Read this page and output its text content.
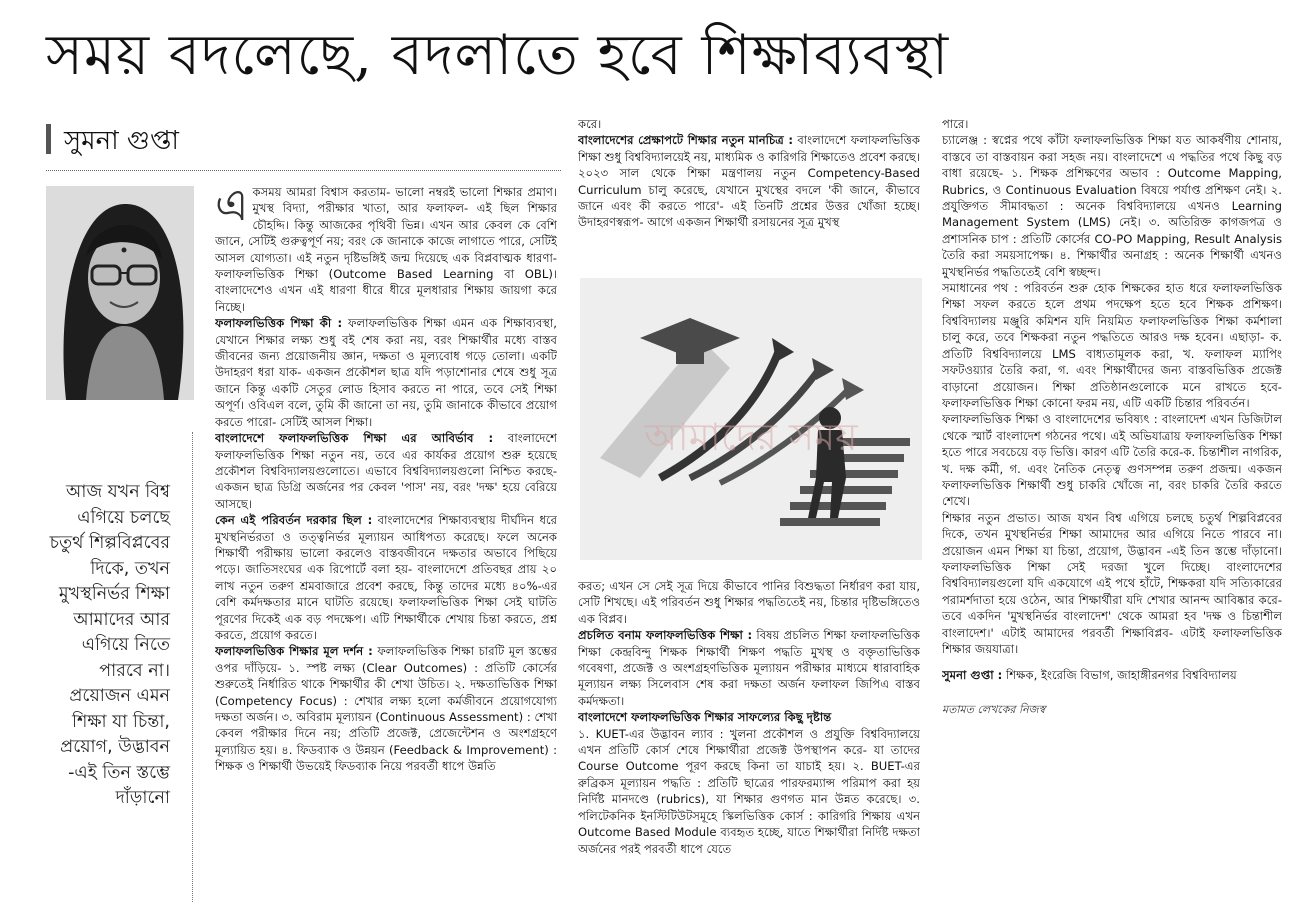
সময় বদলেছে, বদলাতে হবে শিক্ষাব্যবস্থা
সুমনা গুপ্তা
আজ যখন বিশ্ব এগিয়ে চলছে চতুর্থ শিল্পবিপ্লবের দিকে, তখন মুখস্থনির্ভর শিক্ষা আমাদের আর এগিয়ে নিতে পারবে না। প্রয়োজন এমন শিক্ষা যা চিন্তা, প্রয়োগ, উদ্ভাবন -এই তিন স্তম্ভে দাঁড়ানো
এ কসময় আমরা বিশ্বাস করতাম- ভালো নম্বরই ভালো শিক্ষার প্রমাণ। মুখস্থ বিদ্যা, পরীক্ষার খাতা, আর ফলাফল- এই ছিল শিক্ষার চৌহদ্দি। কিন্তু আজকের পৃথিবী ভিন্ন। এখন আর কেবল কে বেশি জানে, সেটিই গুরুত্বপূর্ণ নয়; বরং কে জানাকে কাজে লাগাতে পারে, সেটিই আসল যোগ্যতা। এই নতুন দৃষ্টিভঙ্গিই জন্ম দিয়েছে এক বিপ্লবাত্মক ধারণা-ফলাফলভিত্তিক শিক্ষা (Outcome Based Learning বা OBL)। বাংলাদেশেও এখন এই ধারণা ধীরে ধীরে মূলধারার শিক্ষায় জায়গা করে নিচ্ছে।

ফলাফলভিত্তিক শিক্ষা কী : ফলাফলভিত্তিক শিক্ষা এমন এক শিক্ষাব্যবস্থা, যেখানে শিক্ষার লক্ষ্য শুধু বই শেষ করা নয়, বরং শিক্ষার্থীর মধ্যে বাস্তব জীবনের জন্য প্রয়োজনীয় জ্ঞান, দক্ষতা ও মূল্যবোধ গড়ে তোলা। একটি উদাহরণ ধরা যাক- একজন প্রকৌশল ছাত্র যদি পড়াশোনার শেষে শুধু সূত্র জানে কিন্তু একটি সেতুর লোড হিসাব করতে না পারে, তবে সেই শিক্ষা অপূর্ণ। ওবিএল বলে, তুমি কী জানো তা নয়, তুমি জানাকে কীভাবে প্রয়োগ করতে পারো- সেটিই আসল শিক্ষা।

বাংলাদেশে ফলাফলভিত্তিক শিক্ষা এর আবির্ভাব : বাংলাদেশে ফলাফলভিত্তিক শিক্ষা নতুন নয়, তবে এর কার্যকর প্রয়োগ শুরু হয়েছে প্রকৌশল বিশ্ববিদ্যালয়গুলোতে। এভাবে বিশ্ববিদ্যালয়গুলো নিশ্চিত করছে- একজন ছাত্র ডিগ্রি অর্জনের পর কেবল 'পাস' নয়, বরং 'দক্ষ' হয়ে বেরিয়ে আসছে।

কেন এই পরিবর্তন দরকার ছিল : বাংলাদেশের শিক্ষাব্যবস্থায় দীর্ঘদিন ধরে মুখস্থনির্ভরতা ও তত্ত্বনির্ভর মূল্যায়ন আধিপত্য করেছে। ফলে অনেক শিক্ষার্থী পরীক্ষায় ভালো করলেও বাস্তবজীবনে দক্ষতার অভাবে পিছিয়ে পড়ে। জাতিসংঘের এক রিপোর্টে বলা হয়- বাংলাদেশে প্রতিবছর প্রায় ২০ লাখ নতুন তরুণ শ্রমবাজারে প্রবেশ করছে, কিন্তু তাদের মধ্যে ৪০%-এর বেশি কর্মদক্ষতার মানে ঘাটতি রয়েছে। ফলাফলভিত্তিক শিক্ষা সেই ঘাটতি পূরণের দিকেই এক বড় পদক্ষেপ। এটি শিক্ষার্থীকে শেখায় চিন্তা করতে, প্রশ্ন করতে, প্রয়োগ করতে।

ফলাফলভিত্তিক শিক্ষার মূল দর্শন : ফলাফলভিত্তিক শিক্ষা চারটি মূল স্তম্ভের ওপর দাঁড়িয়ে- ১. স্পষ্ট লক্ষ্য (Clear Outcomes) : প্রতিটি কোর্সের শুরুতেই নির্ধারিত থাকে শিক্ষার্থীর কী শেখা উচিত। ২. দক্ষতাভিত্তিক শিক্ষা (Competency Focus) : শেখার লক্ষ্য হলো কর্মজীবনে প্রয়োগযোগ্য দক্ষতা অর্জন। ৩. অবিরাম মূল্যায়ন (Continuous Assessment) : শেখা কেবল পরীক্ষার দিনে নয়; প্রতিটি প্রজেক্ট, প্রেজেন্টেশন ও অংশগ্রহণে মূল্যায়িত হয়। ৪. ফিডব্যাক ও উন্নয়ন (Feedback & Improvement) : শিক্ষক ও শিক্ষার্থী উভয়েই ফিডব্যাক নিয়ে পরবর্তী ধাপে উন্নতি

করে।

বাংলাদেশের প্রেক্ষাপটে শিক্ষার নতুন মানচিত্র : বাংলাদেশে ফলাফলভিত্তিক শিক্ষা শুধু বিশ্ববিদ্যালয়েই নয়, মাধ্যমিক ও কারিগরি শিক্ষাতেও প্রবেশ করছে। ২০২৩ সাল থেকে শিক্ষা মন্ত্রণালয় নতুন Competency-Based Curriculum চালু করেছে, যেখানে মুখস্থের বদলে 'কী জানে, কীভাবে জানে এবং কী করতে পারে'- এই তিনটি প্রশ্নের উত্তর খোঁজা হচ্ছে। উদাহরণস্বরূপ- আগে একজন শিক্ষার্থী রসায়নের সূত্র মুখস্থ

আমাদের সময়

করত; এখন সে সেই সূত্র দিয়ে কীভাবে পানির বিশুদ্ধতা নির্ধারণ করা যায়, সেটি শিখছে। এই পরিবর্তন শুধু শিক্ষার পদ্ধতিতেই নয়, চিন্তার দৃষ্টিভঙ্গিতেও এক বিপ্লব।

প্রচলিত বনাম ফলাফলভিত্তিক শিক্ষা : বিষয় প্রচলিত শিক্ষা ফলাফলভিত্তিক শিক্ষা কেন্দ্রবিন্দু শিক্ষক শিক্ষার্থী শিক্ষণ পদ্ধতি মুখস্থ ও বক্তৃতাভিত্তিক গবেষণা, প্রজেক্ট ও অংশগ্রহণভিত্তিক মূল্যায়ন পরীক্ষার মাধ্যমে ধারাবাহিক মূল্যায়ন লক্ষ্য সিলেবাস শেষ করা দক্ষতা অর্জন ফলাফল জিপিএ বাস্তব কর্মদক্ষতা।

বাংলাদেশে ফলাফলভিত্তিক শিক্ষার সাফল্যের কিছু দৃষ্টান্ত

১. KUET-এর উদ্ভাবন ল্যাব : খুলনা প্রকৌশল ও প্রযুক্তি বিশ্ববিদ্যালয়ে এখন প্রতিটি কোর্স শেষে শিক্ষার্থীরা প্রজেক্ট উপস্থাপন করে- যা তাদের Course Outcome পূরণ করছে কিনা তা যাচাই হয়। ২. BUET-এর রুব্রিকস মূল্যায়ন পদ্ধতি : প্রতিটি ছাত্রের পারফরম্যান্স পরিমাপ করা হয় নির্দিষ্ট মানদণ্ডে (rubrics), যা শিক্ষার গুণগত মান উন্নত করেছে। ৩. পলিটেকনিক ইনস্টিটিউটসমূহে স্কিলভিত্তিক কোর্স : কারিগরি শিক্ষায় এখন Outcome Based Module ব্যবহৃত হচ্ছে, যাতে শিক্ষার্থীরা নির্দিষ্ট দক্ষতা অর্জনের পরই পরবর্তী ধাপে যেতে

পারে।

চ্যালেঞ্জ : স্বপ্নের পথে কাঁটা ফলাফলভিত্তিক শিক্ষা যত আকর্ষণীয় শোনায়, বাস্তবে তা বাস্তবায়ন করা সহজ নয়। বাংলাদেশে এ পদ্ধতির পথে কিছু বড় বাধা রয়েছে- ১. শিক্ষক প্রশিক্ষণের অভাব : Outcome Mapping, Rubrics, ও Continuous Evaluation বিষয়ে পর্যাপ্ত প্রশিক্ষণ নেই। ২. প্রযুক্তিগত সীমাবদ্ধতা : অনেক বিশ্ববিদ্যালয়ে এখনও Learning Management System (LMS) নেই। ৩. অতিরিক্ত কাগজপত্র ও প্রশাসনিক চাপ : প্রতিটি কোর্সের CO-PO Mapping, Result Analysis তৈরি করা সময়সাপেক্ষ। ৪. শিক্ষার্থীর অনাগ্রহ : অনেক শিক্ষার্থী এখনও মুখস্থনির্ভর পদ্ধতিতেই বেশি স্বচ্ছন্দ।

সমাধানের পথ : পরিবর্তন শুরু হোক শিক্ষকের হাত ধরে ফলাফলভিত্তিক শিক্ষা সফল করতে হলে প্রথম পদক্ষেপ হতে হবে শিক্ষক প্রশিক্ষণ। বিশ্ববিদ্যালয় মঞ্জুরি কমিশন যদি নিয়মিত ফলাফলভিত্তিক শিক্ষা কর্মশালা চালু করে, তবে শিক্ষকরা নতুন পদ্ধতিতে আরও দক্ষ হবেন। এছাড়া- ক. প্রতিটি বিশ্ববিদ্যালয়ে LMS বাধ্যতামূলক করা, খ. ফলাফল ম্যাপিং সফটওয়্যার তৈরি করা, গ. এবং শিক্ষার্থীদের জন্য বাস্তবভিত্তিক প্রজেক্ট বাড়ানো প্রয়োজন। শিক্ষা প্রতিষ্ঠানগুলোকে মনে রাখতে হবে- ফলাফলভিত্তিক শিক্ষা কোনো ফরম নয়, এটি একটি চিন্তার পরিবর্তন।

ফলাফলভিত্তিক শিক্ষা ও বাংলাদেশের ভবিষ্যৎ : বাংলাদেশ এখন ডিজিটাল থেকে স্মার্ট বাংলাদেশ গঠনের পথে। এই অভিযাত্রায় ফলাফলভিত্তিক শিক্ষা হতে পারে সবচেয়ে বড় ভিত্তি। কারণ এটি তৈরি করে-ক. চিন্তাশীল নাগরিক, খ. দক্ষ কর্মী, গ. এবং নৈতিক নেতৃত্ব গুণসম্পন্ন তরুণ প্রজন্ম। একজন ফলাফলভিত্তিক শিক্ষার্থী শুধু চাকরি খোঁজে না, বরং চাকরি তৈরি করতে শেখে।

শিক্ষার নতুন প্রভাত। আজ যখন বিশ্ব এগিয়ে চলছে চতুর্থ শিল্পবিপ্লবের দিকে, তখন মুখস্থনির্ভর শিক্ষা আমাদের আর এগিয়ে নিতে পারবে না। প্রয়োজন এমন শিক্ষা যা চিন্তা, প্রয়োগ, উদ্ভাবন -এই তিন স্তম্ভে দাঁড়ানো। ফলাফলভিত্তিক শিক্ষা সেই দরজা খুলে দিচ্ছে। বাংলাদেশের বিশ্ববিদ্যালয়গুলো যদি একযোগে এই পথে হাঁটে, শিক্ষকরা যদি সত্যিকারের পরামর্শদাতা হয়ে ওঠেন, আর শিক্ষার্থীরা যদি শেখার আনন্দ আবিষ্কার করে- তবে একদিন 'মুখস্থনির্ভর বাংলাদেশ' থেকে আমরা হব 'দক্ষ ও চিন্তাশীল বাংলাদেশ।' এটাই আমাদের পরবর্তী শিক্ষাবিপ্লব- এটাই ফলাফলভিত্তিক শিক্ষার জয়যাত্রা।

সুমনা গুপ্তা : শিক্ষক, ইংরেজি বিভাগ, জাহাঙ্গীরনগর বিশ্ববিদ্যালয়

মতামত লেখকের নিজস্ব
